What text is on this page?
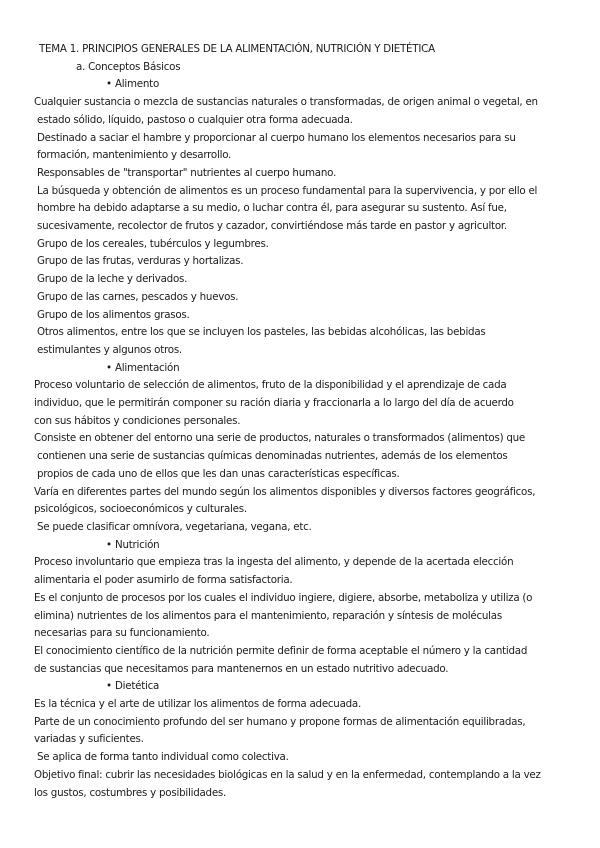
TEMA 1. PRINCIPIOS GENERALES DE LA ALIMENTACIÓN, NUTRICIÓN Y DIETÉTICA

a. Conceptos Básicos

• Alimento

Cualquier sustancia o mezcla de sustancias naturales o transformadas, de origen animal o vegetal, en

estado sólido, líquido, pastoso o cualquier otra forma adecuada.

Destinado a saciar el hambre y proporcionar al cuerpo humano los elementos necesarios para su

formación, mantenimiento y desarrollo.

Responsables de "transportar" nutrientes al cuerpo humano.

La búsqueda y obtención de alimentos es un proceso fundamental para la supervivencia, y por ello el

hombre ha debido adaptarse a su medio, o luchar contra él, para asegurar su sustento. Así fue,

sucesivamente, recolector de frutos y cazador, convirtiéndose más tarde en pastor y agricultor.

Grupo de los cereales, tubérculos y legumbres.

Grupo de las frutas, verduras y hortalizas.

Grupo de la leche y derivados.

Grupo de las carnes, pescados y huevos.

Grupo de los alimentos grasos.

Otros alimentos, entre los que se incluyen los pasteles, las bebidas alcohólicas, las bebidas

estimulantes y algunos otros.

• Alimentación

Proceso voluntario de selección de alimentos, fruto de la disponibilidad y el aprendizaje de cada

individuo, que le permitirán componer su ración diaria y fraccionarla a lo largo del día de acuerdo

con sus hábitos y condiciones personales.

Consiste en obtener del entorno una serie de productos, naturales o transformados (alimentos) que

contienen una serie de sustancias químicas denominadas nutrientes, además de los elementos

propios de cada uno de ellos que les dan unas características específicas.

Varía en diferentes partes del mundo según los alimentos disponibles y diversos factores geográficos,

psicológicos, socioeconómicos y culturales.

Se puede clasificar omnívora, vegetariana, vegana, etc.

• Nutrición

Proceso involuntario que empieza tras la ingesta del alimento, y depende de la acertada elección

alimentaria el poder asumirlo de forma satisfactoria.

Es el conjunto de procesos por los cuales el individuo ingiere, digiere, absorbe, metaboliza y utiliza (o

elimina) nutrientes de los alimentos para el mantenimiento, reparación y síntesis de moléculas

necesarias para su funcionamiento.

El conocimiento científico de la nutrición permite definir de forma aceptable el número y la cantidad

de sustancias que necesitamos para mantenernos en un estado nutritivo adecuado.

• Dietética

Es la técnica y el arte de utilizar los alimentos de forma adecuada.

Parte de un conocimiento profundo del ser humano y propone formas de alimentación equilibradas,

variadas y suficientes.

Se aplica de forma tanto individual como colectiva.

Objetivo final: cubrir las necesidades biológicas en la salud y en la enfermedad, contemplando a la vez

los gustos, costumbres y posibilidades.
